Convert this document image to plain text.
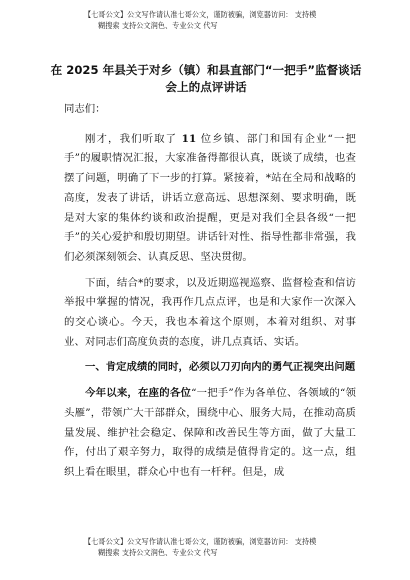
【七哥公文】公文写作请认准七哥公文，谨防被骗，浏览器访问： 支持模
糊搜索 支持公文润色、专业公文 代写
在 2025 年县关于对乡（镇）和县直部门“一把手”监督谈话会上的点评讲话

同志们：

刚才，我们听取了 11 位乡镇、部门和国有企业“一把手”的履职情况汇报，大家准备得都很认真，既谈了成绩，也查摆了问题，明确了下一步的打算。紧接着，*站在全局和战略的高度，发表了讲话，讲话立意高远、思想深刻、要求明确，既是对大家的集体约谈和政治提醒，更是对我们全县各级“一把手”的关心爱护和殷切期望。讲话针对性、指导性都非常强，我们必须深刻领会、认真反思、坚决贯彻。

下面，结合*的要求，以及近期巡视巡察、监督检查和信访举报中掌握的情况，我再作几点点评，也是和大家作一次深入的交心谈心。今天，我也本着这个原则，本着对组织、对事业、对同志们高度负责的态度，讲几点真话、实话。

一、肯定成绩的同时，必须以刀刃向内的勇气正视突出问题

今年以来，在座的各位“一把手”作为各单位、各领域的“领头雁”，带领广大干部群众，围绕中心、服务大局，在推动高质量发展、维护社会稳定、保障和改善民生等方面，做了大量工作，付出了艰辛努力，取得的成绩是值得肯定的。这一点，组织上看在眼里，群众心中也有一杆秤。但是，成

【七哥公文】公文写作请认准七哥公文，谨防被骗，浏览器访问： 支持模
糊搜索 支持公文润色、专业公文 代写
